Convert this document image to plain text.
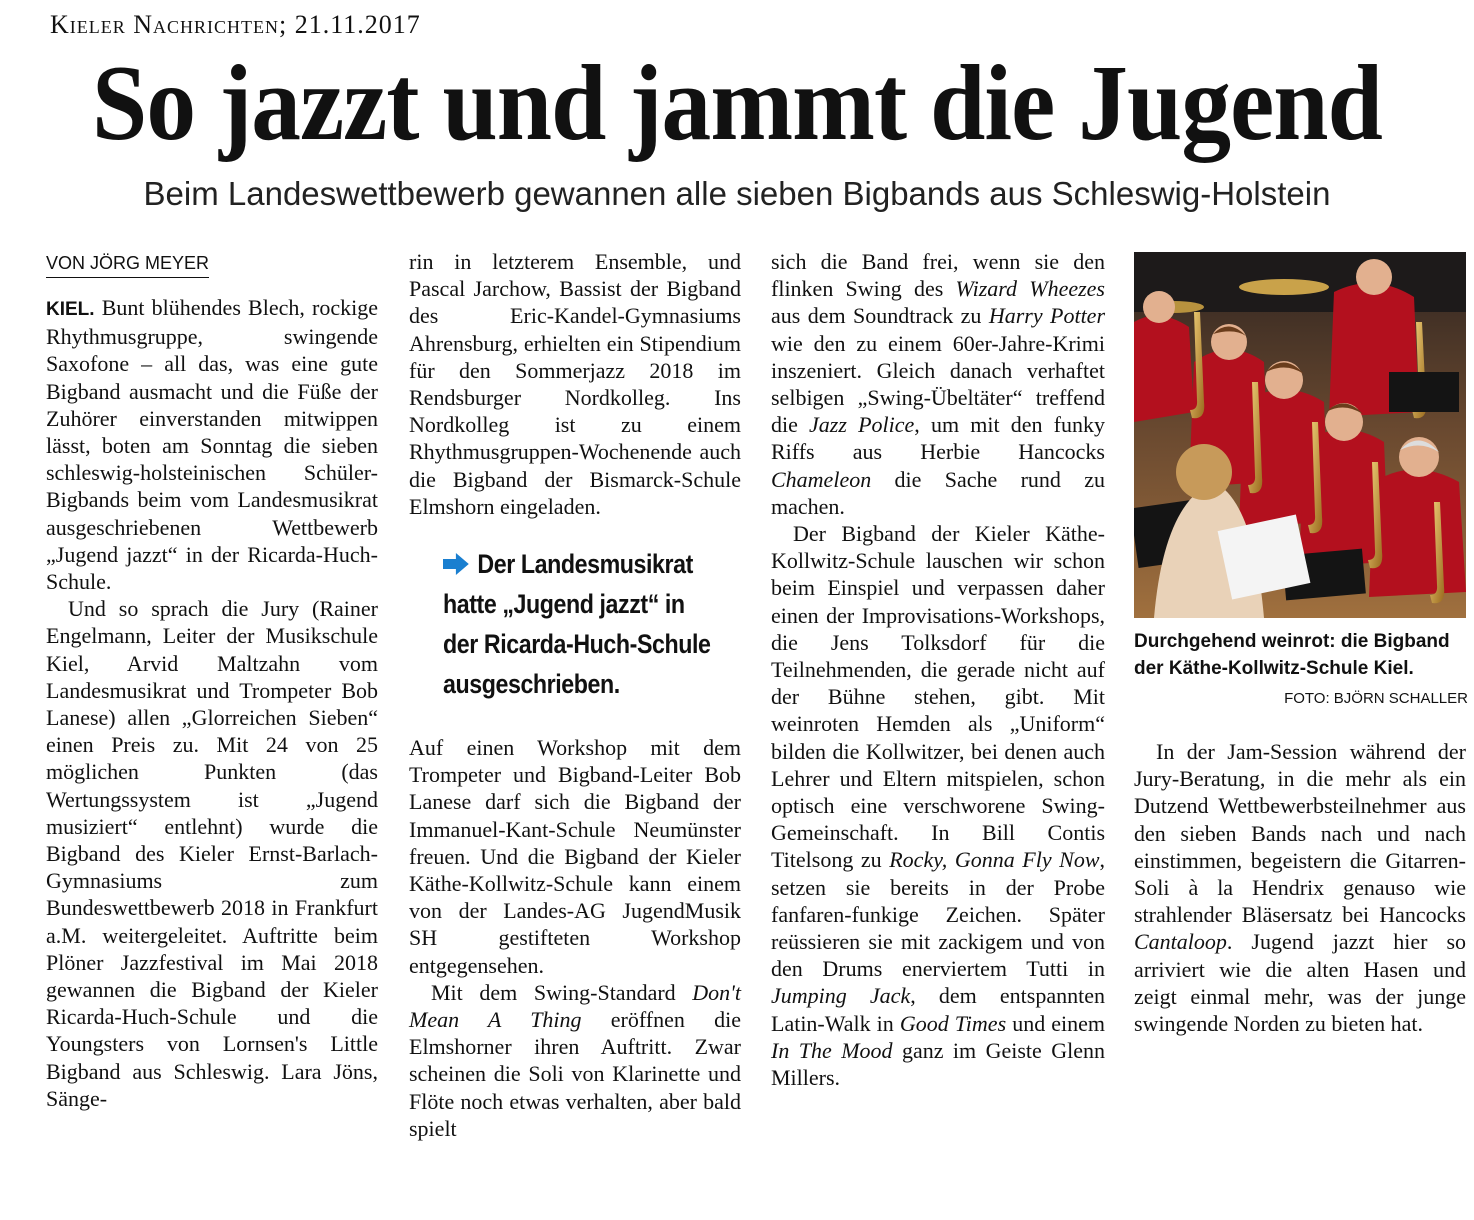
Kieler Nachrichten; 21.11.2017
So jazzt und jammt die Jugend
Beim Landeswettbewerb gewannen alle sieben Bigbands aus Schleswig-Holstein
VON JÖRG MEYER

KIEL. Bunt blühendes Blech, rockige Rhythmusgruppe, swingende Saxofone – all das, was eine gute Bigband ausmacht und die Füße der Zuhörer einverstanden mitwippen lässt, boten am Sonntag die sieben schleswig-holsteinischen Schüler-Bigbands beim vom Landesmusikrat ausgeschriebenen Wettbewerb „Jugend jazzt“ in der Ricarda-Huch-Schule.

Und so sprach die Jury (Rainer Engelmann, Leiter der Musikschule Kiel, Arvid Maltzahn vom Landesmusikrat und Trompeter Bob Lanese) allen „Glorreichen Sieben“ einen Preis zu. Mit 24 von 25 möglichen Punkten (das Wertungssystem ist „Jugend musiziert“ entlehnt) wurde die Bigband des Kieler Ernst-Barlach-Gymnasiums zum Bundeswettbewerb 2018 in Frankfurt a.M. weitergeleitet. Auftritte beim Plöner Jazzfestival im Mai 2018 gewannen die Bigband der Kieler Ricarda-Huch-Schule und die Youngsters von Lornsen's Little Bigband aus Schleswig. Lara Jöns, Sänge-

rin in letzterem Ensemble, und Pascal Jarchow, Bassist der Bigband des Eric-Kandel-Gymnasiums Ahrensburg, erhielten ein Stipendium für den Sommerjazz 2018 im Rendsburger Nordkolleg. Ins Nordkolleg ist zu einem Rhythmusgruppen-Wochenende auch die Bigband der Bismarck-Schule Elmshorn eingeladen.

Der Landesmusikrat hatte „Jugend jazzt“ in der Ricarda-Huch-Schule ausgeschrieben.

Auf einen Workshop mit dem Trompeter und Bigband-Leiter Bob Lanese darf sich die Bigband der Immanuel-Kant-Schule Neumünster freuen. Und die Bigband der Kieler Käthe-Kollwitz-Schule kann einem von der Landes-AG JugendMusik SH gestifteten Workshop entgegensehen.

Mit dem Swing-Standard Don't Mean A Thing eröffnen die Elmshorner ihren Auftritt. Zwar scheinen die Soli von Klarinette und Flöte noch etwas verhalten, aber bald spielt

sich die Band frei, wenn sie den flinken Swing des Wizard Wheezes aus dem Soundtrack zu Harry Potter wie den zu einem 60er-Jahre-Krimi inszeniert. Gleich danach verhaftet selbigen „Swing-Übeltäter“ treffend die Jazz Police, um mit den funky Riffs aus Herbie Hancocks Chameleon die Sache rund zu machen.

Der Bigband der Kieler Käthe-Kollwitz-Schule lauschen wir schon beim Einspiel und verpassen daher einen der Improvisations-Workshops, die Jens Tolksdorf für die Teilnehmenden, die gerade nicht auf der Bühne stehen, gibt. Mit weinroten Hemden als „Uniform“ bilden die Kollwitzer, bei denen auch Lehrer und Eltern mitspielen, schon optisch eine verschworene Swing-Gemeinschaft. In Bill Contis Titelsong zu Rocky, Gonna Fly Now, setzen sie bereits in der Probe fanfaren-funkige Zeichen. Später reüssieren sie mit zackigem und von den Drums enerviertem Tutti in Jumping Jack, dem entspannten Latin-Walk in Good Times und einem In The Mood ganz im Geiste Glenn Millers.

Durchgehend weinrot: die Bigband der Käthe-Kollwitz-Schule Kiel.
FOTO: BJÖRN SCHALLER

In der Jam-Session während der Jury-Beratung, in die mehr als ein Dutzend Wettbewerbsteilnehmer aus den sieben Bands nach und nach einstimmen, begeistern die Gitarren-Soli à la Hendrix genauso wie strahlender Bläsersatz bei Hancocks Cantaloop. Jugend jazzt hier so arriviert wie die alten Hasen und zeigt einmal mehr, was der junge swingende Norden zu bieten hat.
